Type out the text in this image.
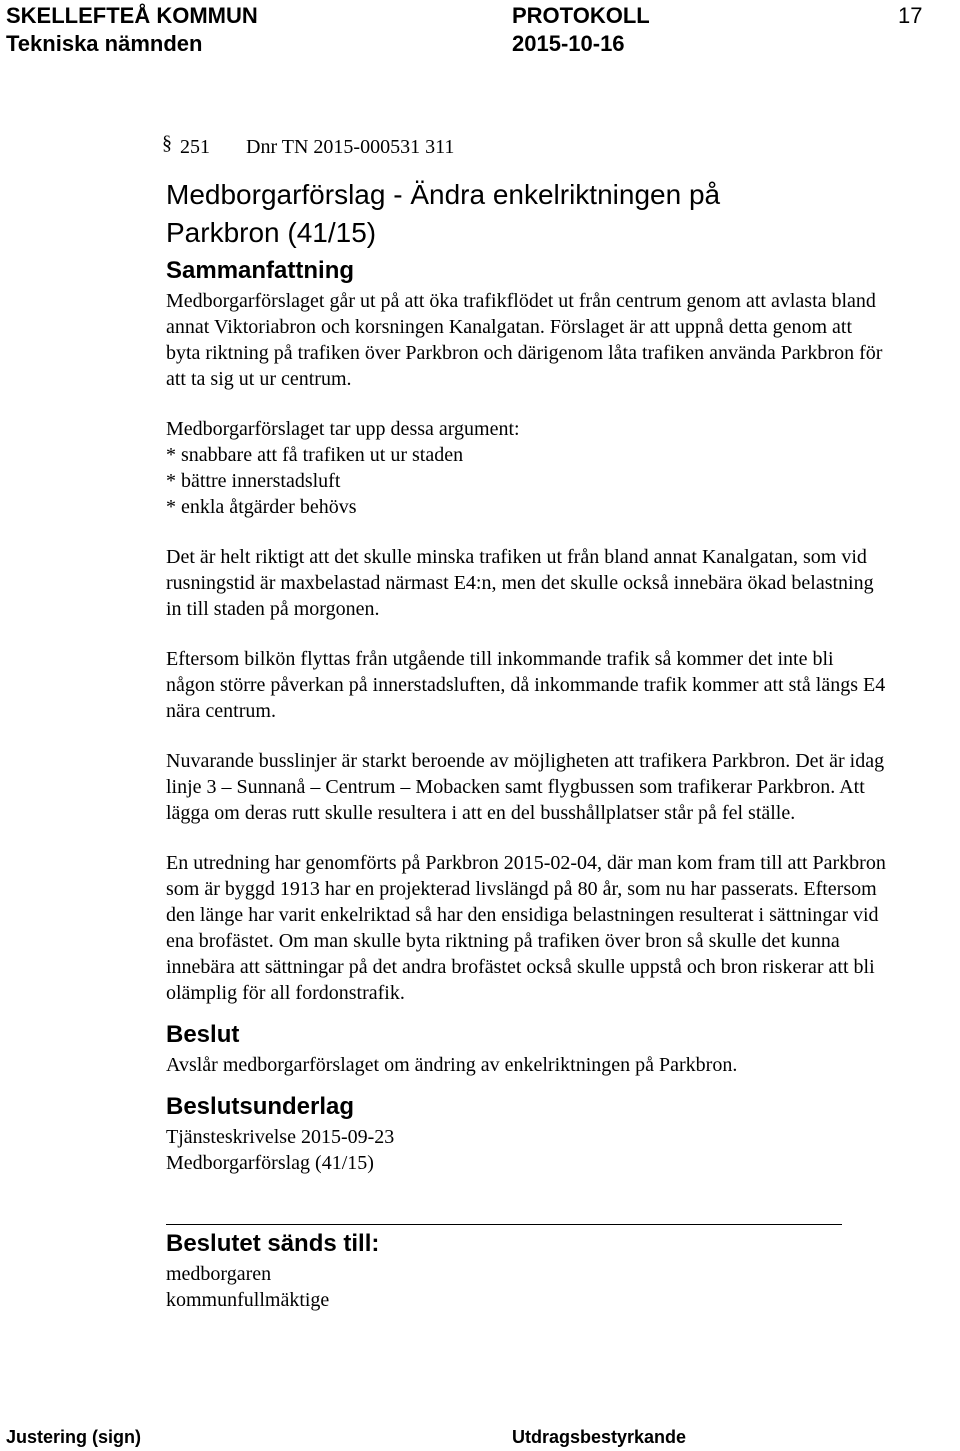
SKELLEFTEÅ KOMMUN	PROTOKOLL	17
Tekniska nämnden	2015-10-16
§ 251 Dnr TN 2015-000531 311
Medborgarförslag - Ändra enkelriktningen på Parkbron (41/15)
Sammanfattning

Medborgarförslaget går ut på att öka trafikflödet ut från centrum genom att avlasta bland annat Viktoriabron och korsningen Kanalgatan. Förslaget är att uppnå detta genom att byta riktning på trafiken över Parkbron och därigenom låta trafiken använda Parkbron för att ta sig ut ur centrum.

Medborgarförslaget tar upp dessa argument:

* snabbare att få trafiken ut ur staden

* bättre innerstadsluft

* enkla åtgärder behövs

Det är helt riktigt att det skulle minska trafiken ut från bland annat Kanalgatan, som vid rusningstid är maxbelastad närmast E4:n, men det skulle också innebära ökad belastning in till staden på morgonen.

Eftersom bilkön flyttas från utgående till inkommande trafik så kommer det inte bli någon större påverkan på innerstadsluften, då inkommande trafik kommer att stå längs E4 nära centrum.

Nuvarande busslinjer är starkt beroende av möjligheten att trafikera Parkbron. Det är idag linje 3 – Sunnanå – Centrum – Mobacken samt flygbussen som trafikerar Parkbron. Att lägga om deras rutt skulle resultera i att en del busshållplatser står på fel ställe.

En utredning har genomförts på Parkbron 2015-02-04, där man kom fram till att Parkbron som är byggd 1913 har en projekterad livslängd på 80 år, som nu har passerats. Eftersom den länge har varit enkelriktad så har den ensidiga belastningen resulterat i sättningar vid ena brofästet. Om man skulle byta riktning på trafiken över bron så skulle det kunna innebära att sättningar på det andra brofästet också skulle uppstå och bron riskerar att bli olämplig för all fordonstrafik.

Beslut

Avslår medborgarförslaget om ändring av enkelriktningen på Parkbron.

Beslutsunderlag

Tjänsteskrivelse 2015-09-23

Medborgarförslag (41/15)

Beslutet sänds till:

medborgaren

kommunfullmäktige

Justering (sign)	Utdragsbestyrkande
